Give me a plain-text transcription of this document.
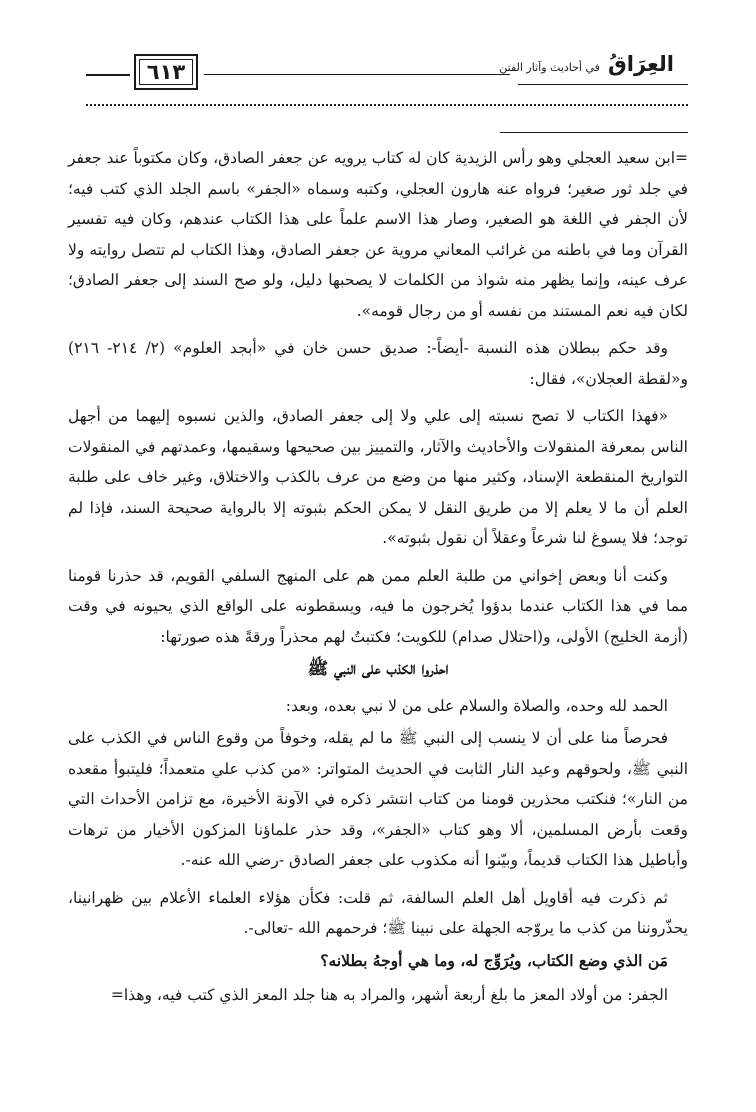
٦١٣	العِرَاقُ في أحاديث وآثار الفتن

=ابن سعيد العجلي وهو رأس الزيدية كان له كتاب يرويه عن جعفر الصادق، وكان مكتوباً عند جعفر في جلد ثور صغير؛ فرواه عنه هارون العجلي، وكتبه وسماه «الجفر» باسم الجلد الذي كتب فيه؛ لأن الجفر في اللغة هو الصغير، وصار هذا الاسم علماً على هذا الكتاب عندهم، وكان فيه تفسير القرآن وما في باطنه من غرائب المعاني مروية عن جعفر الصادق، وهذا الكتاب لم تتصل روايته ولا عرف عينه، وإنما يظهر منه شواذ من الكلمات لا يصحبها دليل، ولو صح السند إلى جعفر الصادق؛ لكان فيه نعم المستند من نفسه أو من رجال قومه».

وقد حكم ببطلان هذه النسبة -أيضاً-: صديق حسن خان في «أبجد العلوم» (٢/ ٢١٤- ٢١٦) و«لقطة العجلان»، فقال:

«فهذا الكتاب لا تصح نسبته إلى علي ولا إلى جعفر الصادق، والذين نسبوه إليهما من أجهل الناس بمعرفة المنقولات والأحاديث والآثار، والتمييز بين صحيحها وسقيمها، وعمدتهم في المنقولات التواريخ المنقطعة الإسناد، وكثير منها من وضع من عرف بالكذب والاختلاق، وغير خاف على طلبة العلم أن ما لا يعلم إلا من طريق النقل لا يمكن الحكم بثبوته إلا بالرواية صحيحة السند، فإذا لم توجد؛ فلا يسوغ لنا شرعاً وعقلاً أن نقول بثبوته».

وكنت أنا وبعض إخواني من طلبة العلم ممن هم على المنهج السلفي القويم، قد حذرنا قومنا مما في هذا الكتاب عندما بدؤوا يُخرجون ما فيه، ويسقطونه على الواقع الذي يحيونه في وقت (أزمة الخليج) الأولى، و(احتلال صدام) للكويت؛ فكتبتُ لهم محذراً ورقةً هذه صورتها:

احذروا الكذب على النبي ﷺ

الحمد لله وحده، والصلاة والسلام على من لا نبي بعده، وبعد:

فحرصاً منا على أن لا ينسب إلى النبي ﷺ ما لم يقله، وخوفاً من وقوع الناس في الكذب على النبي ﷺ، ولحوقهم وعيد النار الثابت في الحديث المتواتر: «من كذب علي متعمداً؛ فليتبوأ مقعده من النار»؛ فنكتب محذرين قومنا من كتاب انتشر ذكره في الآونة الأخيرة، مع تزامن الأحداث التي وقعت بأرض المسلمين، ألا وهو كتاب «الجفر»، وقد حذر علماؤنا المزكون الأخيار من ترهات وأباطيل هذا الكتاب قديماً، وبيّنوا أنه مكذوب على جعفر الصادق -رضي الله عنه-.

ثم ذكرت فيه أقاويل أهل العلم السالفة، ثم قلت: فكأن هؤلاء العلماء الأعلام بين ظهرانينا، يحذّروننا من كذب ما يروّجه الجهلة على نبينا ﷺ؛ فرحمهم الله -تعالى-.

مَن الذي وضع الكتاب، ويُرَوِّج له، وما هي أوجهُ بطلانه؟

الجفر: من أولاد المعز ما بلغ أربعة أشهر، والمراد به هنا جلد المعز الذي كتب فيه، وهذا=
